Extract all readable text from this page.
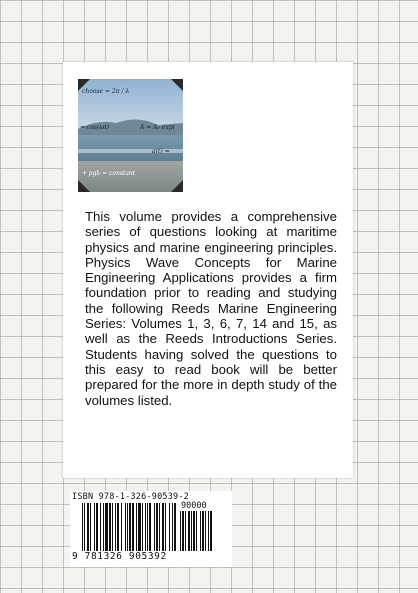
choose = 2π / λ
= cos(ωt)	A = A₀ exp(
a(t) =
+ ρgh = constant

This volume provides a comprehensive series of questions looking at maritime physics and marine engineering principles. Physics Wave Concepts for Marine Engineering Applications provides a firm foundation prior to reading and studying the following Reeds Marine Engineering Series: Volumes 1, 3, 6, 7, 14 and 15, as well as the Reeds Introductions Series. Students having solved the questions to this easy to read book will be better prepared for the more in depth study of the volumes listed.

ISBN 978-1-326-90539-2
90000
9 781326 905392
